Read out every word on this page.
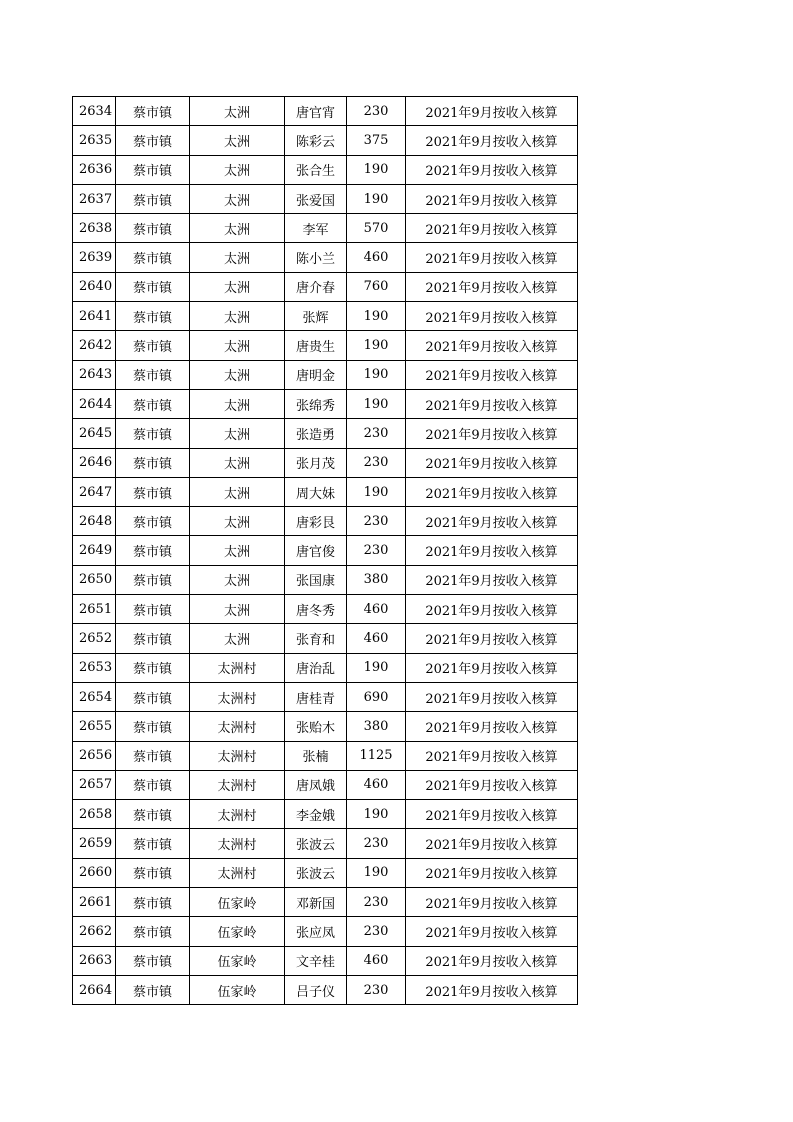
2634	蔡市镇	太洲	唐官宵	230	2021年9月按收入核算
2635	蔡市镇	太洲	陈彩云	375	2021年9月按收入核算
2636	蔡市镇	太洲	张合生	190	2021年9月按收入核算
2637	蔡市镇	太洲	张爱国	190	2021年9月按收入核算
2638	蔡市镇	太洲	李军	570	2021年9月按收入核算
2639	蔡市镇	太洲	陈小兰	460	2021年9月按收入核算
2640	蔡市镇	太洲	唐介春	760	2021年9月按收入核算
2641	蔡市镇	太洲	张辉	190	2021年9月按收入核算
2642	蔡市镇	太洲	唐贵生	190	2021年9月按收入核算
2643	蔡市镇	太洲	唐明金	190	2021年9月按收入核算
2644	蔡市镇	太洲	张绵秀	190	2021年9月按收入核算
2645	蔡市镇	太洲	张造勇	230	2021年9月按收入核算
2646	蔡市镇	太洲	张月茂	230	2021年9月按收入核算
2647	蔡市镇	太洲	周大妹	190	2021年9月按收入核算
2648	蔡市镇	太洲	唐彩艮	230	2021年9月按收入核算
2649	蔡市镇	太洲	唐官俊	230	2021年9月按收入核算
2650	蔡市镇	太洲	张国康	380	2021年9月按收入核算
2651	蔡市镇	太洲	唐冬秀	460	2021年9月按收入核算
2652	蔡市镇	太洲	张育和	460	2021年9月按收入核算
2653	蔡市镇	太洲村	唐治乱	190	2021年9月按收入核算
2654	蔡市镇	太洲村	唐桂青	690	2021年9月按收入核算
2655	蔡市镇	太洲村	张贻木	380	2021年9月按收入核算
2656	蔡市镇	太洲村	张楠	1125	2021年9月按收入核算
2657	蔡市镇	太洲村	唐凤娥	460	2021年9月按收入核算
2658	蔡市镇	太洲村	李金娥	190	2021年9月按收入核算
2659	蔡市镇	太洲村	张波云	230	2021年9月按收入核算
2660	蔡市镇	太洲村	张波云	190	2021年9月按收入核算
2661	蔡市镇	伍家岭	邓新国	230	2021年9月按收入核算
2662	蔡市镇	伍家岭	张应凤	230	2021年9月按收入核算
2663	蔡市镇	伍家岭	文辛桂	460	2021年9月按收入核算
2664	蔡市镇	伍家岭	吕子仪	230	2021年9月按收入核算
